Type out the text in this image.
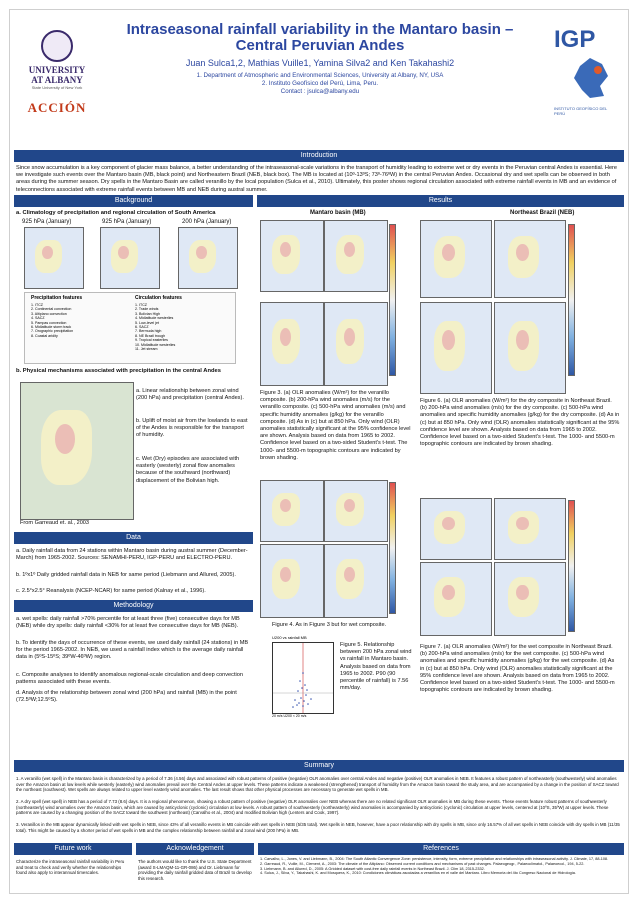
UNIVERSITY AT ALBANY
State University of New York
ACCIÓN
Intraseasonal rainfall variability in the Mantaro basin –
Central Peruvian Andes
Juan Sulca1,2, Mathias Vuille1, Yamina Silva2 and Ken Takahashi2
1. Department of Atmospheric and Environmental Sciences, University at Albany, NY, USA
2. Instituto Geofísico del Perú, Lima, Peru.
Contact : jsulca@albany.edu
IGP
INSTITUTO GEOFÍSICO DEL PERÚ
Introduction
Since snow accumulation is a key component of glacier mass balance, a better understanding of the intraseasonal-scale variations in the transport of humidity leading to extreme wet or dry events in the Peruvian central Andes is essential. Here we investigate such events over the Mantaro basin (MB, black point) and Northeastern Brazil (NEB, black box). The MB is located at (10º-13ºS; 73º-76ºW) in the central Peruvian Andes. Occasional dry and wet spells can be observed in both areas during the summer season. Dry spells in the Mantaro Basin are called veranillo by the local population (Sulca et al., 2010). Ultimately, this poster shows regional circulation associated with extreme rainfall events in MB and an evidence of teleconnections associated with extreme rainfall events between MB and NEB during austral summer.
Background
a. Climatology of precipitation and regional circulation of South America
925 hPa (January)	925 hPa (January)	200 hPa (January)
Precipitation features
1. ITCZ
2. Continental convection
3. Altiplano convection
4. SACZ
5. Pampas convection
6. Midlatitude storm track
7. Orographic precipitation
8. Coastal aridity
Circulation features
1. ITCZ
2. Trade winds
3. Bolivian High
4. Midlatitude westerlies
5. Low-level jet
6. SACZ
7. Bermuda high
8. NE Brazil trough
9. Tropical easterlies
10. Midlatitude westerlies
11. Jet stream
b. Physical mechanisms associated with precipitation in the central Andes
a. Linear relationship between zonal wind (200 hPa) and precipitation (central Andes).
b. Uplift of moist air from the lowlands to east of the Andes is responsible for the transport of humidity.
c. Wet (Dry) episodes are associated with easterly (westerly) zonal flow anomalies because of the southward (northward) displacement of the Bolivian high.
From Garreaud et. al., 2003
Data
a. Daily rainfall data from 24 stations within Mantaro basin during austral summer (December-March) from 1965-2002. Sources: SENAMHI-PERU, IGP-PERU and ELECTRO-PERU.
b. 1ºx1º Daily gridded rainfall data in NEB for same period (Liebmann and Allured, 2005).
c. 2.5°x2.5° Reanalysis (NCEP-NCAR) for same period (Kalnay et al., 1996).
Methodology
a. wet spells: daily rainfall >70% percentile for at least three (five) consecutive days for MB (NEB) while dry spells: daily rainfall <30% for at least five consecutive days for MB (NEB).
b. To identify the days of occurrence of these events, we used daily rainfall (24 stations) in MB for the period 1965-2002. In NEB, we used a rainfall index which is the average daily rainfall data in (5ºS-15ºS; 39ºW-46ºW) region.
c. Composite analyses to identify anomalous regional-scale circulation and deep convection patterns associated with these events.
d. Analysis of the relationship between zonal wind (200 hPa) and rainfall (MB) in the point (72.5ºW;12.5ºS).
Results
Mantaro basin (MB)	Northeast Brazil (NEB)
Figure 3. (a) OLR anomalies (W/m²) for the veranillo composite. (b) 200-hPa wind anomalies (m/s) for the veranillo composite. (c) 500-hPa wind anomalies (m/s) and specific humidity anomalies (g/kg) for the veranillo composite. (d) As in (c) but at 850 hPa. Only wind (OLR) anomalies statistically significant at the 95% confidence level are shown. Analysis based on data from 1965 to 2002. Confidence level based on a two-sided Student's t-test. The 1000- and 5500-m topographic contours are indicated by brown shading.
Figure 6. (a) OLR anomalies (W/m²) for the dry composite in Northeast Brazil. (b) 200-hPa wind anomalies (m/s) for the dry composite. (c) 500-hPa wind anomalies and specific humidity anomalies (g/kg) for the dry composite. (d) As in (c) but at 850 hPa. Only wind (OLR) anomalies statistically significant at the 95% confidence level are shown. Analysis based on data from 1965 to 2002. Confidence level based on a two-sided Student's t-test. The 1000- and 5500-m topographic contours are indicated by brown shading.
Figure 4. As in Figure 3 but for wet composite.
Figure 7. (a) OLR anomalies (W/m²) for the wet composite in Northeast Brazil. (b) 200-hPa wind anomalies (m/s) for the wet composite. (c) 500-hPa wind anomalies and specific humidity anomalies (g/kg) for the wet composite. (d) As in (c) but at 850 hPa. Only wind (OLR) anomalies statistically significant at the 95% confidence level are shown. Analysis based on data from 1965 to 2002. Confidence level based on a two-sided Student's t-test. The 1000- and 5500-m topographic contours are indicated by brown shading.
U200 vs rainfall MB
20 m/s U200 < 20 m/s
Figure 5. Relationship between 200 hPa zonal wind vs rainfall in Mantaro basin. Analysis based on data from 1965 to 2002. P90 (90 percentile of rainfall) is 7.56 mm/day.
Summary
1. A veranillo (wet spell) in the Mantaro basin is characterized by a period of 7.36 (4.56) days and associated with robust patterns of positive (negative) OLR anomalies over central Andes and negative (positive) OLR anomalies in NEB. It features a robust pattern of northeasterly (southwesterly) wind anomalies over the Amazon basin at low levels while westerly (easterly) wind anomalies prevail over the Central Andes at upper levels. These patterns indicate a weakened (strengthened) transport of humidity from the Amazon basin toward the study area, and are accompanied by a change in the position of SACZ toward the northeast (southwest). Wet spells are always related to upper level easterly wind anomalies. The last result shows that other physical processes are necessary to generate wet spells in MB.
2. A dry spell (wet spell) in NEB has a period of 7.73 (8.6) days. It is a regional phenomenon, showing a robust pattern of positive (negative) OLR anomalies over NEB whereas there are no related significant OLR anomalies in MB during these events. These events feature robust patterns of southwesterly (northeasterly) wind anomalies over the Amazon basin, which are caused by anticyclonic (cyclonic) circulation at low levels. A robust pattern of southwesterly (northeasterly) wind anomalies is accompanied by anticyclonic (cyclonic) circulation at upper levels, centered at (10ºS, 35ºW) at upper levels. These patterns are caused by a changing position of the SACZ toward the southwest (northeast) (Carvalho et al., 2004) and modified Bolivian high (Lenters and Cook, 1997).
3. Veranillos in the MB appear dynamically linked with wet spells in NEB, since 43% of all veranillo events in MB coincide with wet spells in NEB (5/35 total). Wet spells in NEB, however, have a poor relationship with dry spells in MB, since only 16.57% of all wet spells in NEB coincide with dry spells in MB (11/35 total). This might be caused by a shorter period of wet spells in MB and the complex relationship between rainfall and zonal wind (200 hPa) in MB.
Future work
Characterize the intraseasonal rainfall variability in Peru and treat to check and verify whether the relationships found also apply to interannual timescales.
Acknowledgement
The authors would like to thank the U.S. State Department (award S-LMAQM-11-GR-086) and Dr. Liebmann for providing the daily rainfall gridded data of Brazil to develop this research.
References
1. Carvalho, L., Jones, V. and Liebmann, B., 2004: The South Atlantic Convergence Zone: persistence, intensity, form, extreme precipitation and relationships with intraseasonal activity. J. Climate, 17, 88-108.
2. Garreaud, R., Vuille, M., Clement, A., 2003: The climate of the Altiplano: Observed current conditions and mechanisms of past changes. Palaeogeogr., Palaeoclimatol., Palaeoecol., 194, 5-22.
3. Liebmann, B. and Allured, D., 2005: A Gridded dataset with cost-free daily rainfall events in Northeast Brazil. J. Clim 18, 2315-2332.
4. Sulca, J., Silva, Y., Takahashi, K. and Mosquera, K., 2010: Condiciones climáticas asociadas a veranillos en el valle del Mantaro. Libro Memoria del 4to Congreso Nacional de Hidrología.
